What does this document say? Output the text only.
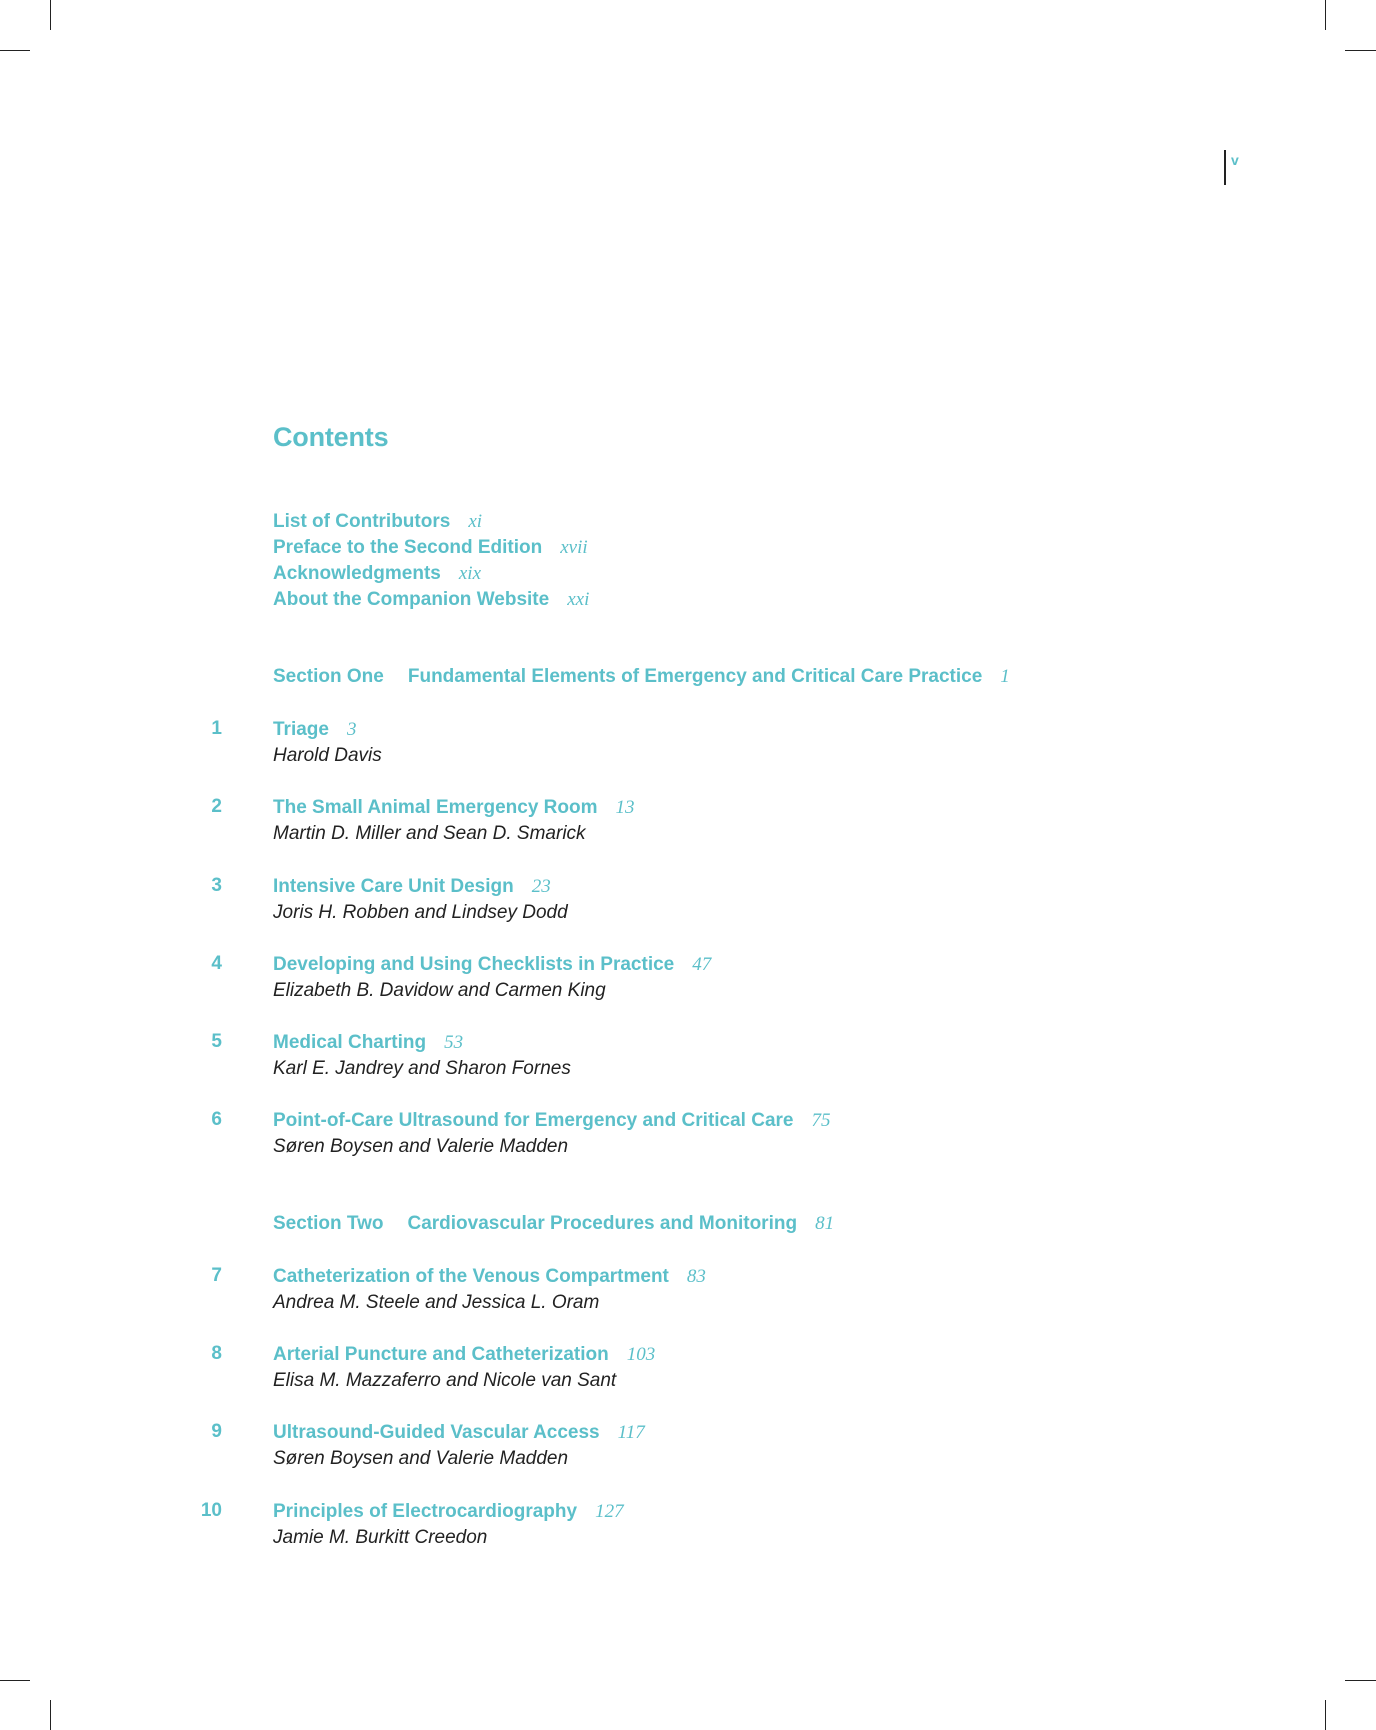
v
Contents
List of Contributors xi
Preface to the Second Edition xvii
Acknowledgments xix
About the Companion Website xxi
Section One Fundamental Elements of Emergency and Critical Care Practice 1
1	Triage 3
Harold Davis
2	The Small Animal Emergency Room 13
Martin D. Miller and Sean D. Smarick
3	Intensive Care Unit Design 23
Joris H. Robben and Lindsey Dodd
4	Developing and Using Checklists in Practice 47
Elizabeth B. Davidow and Carmen King
5	Medical Charting 53
Karl E. Jandrey and Sharon Fornes
6	Point-of-Care Ultrasound for Emergency and Critical Care 75
Søren Boysen and Valerie Madden
Section Two Cardiovascular Procedures and Monitoring 81
7	Catheterization of the Venous Compartment 83
Andrea M. Steele and Jessica L. Oram
8	Arterial Puncture and Catheterization 103
Elisa M. Mazzaferro and Nicole van Sant
9	Ultrasound-Guided Vascular Access 117
Søren Boysen and Valerie Madden
10	Principles of Electrocardiography 127
Jamie M. Burkitt Creedon
